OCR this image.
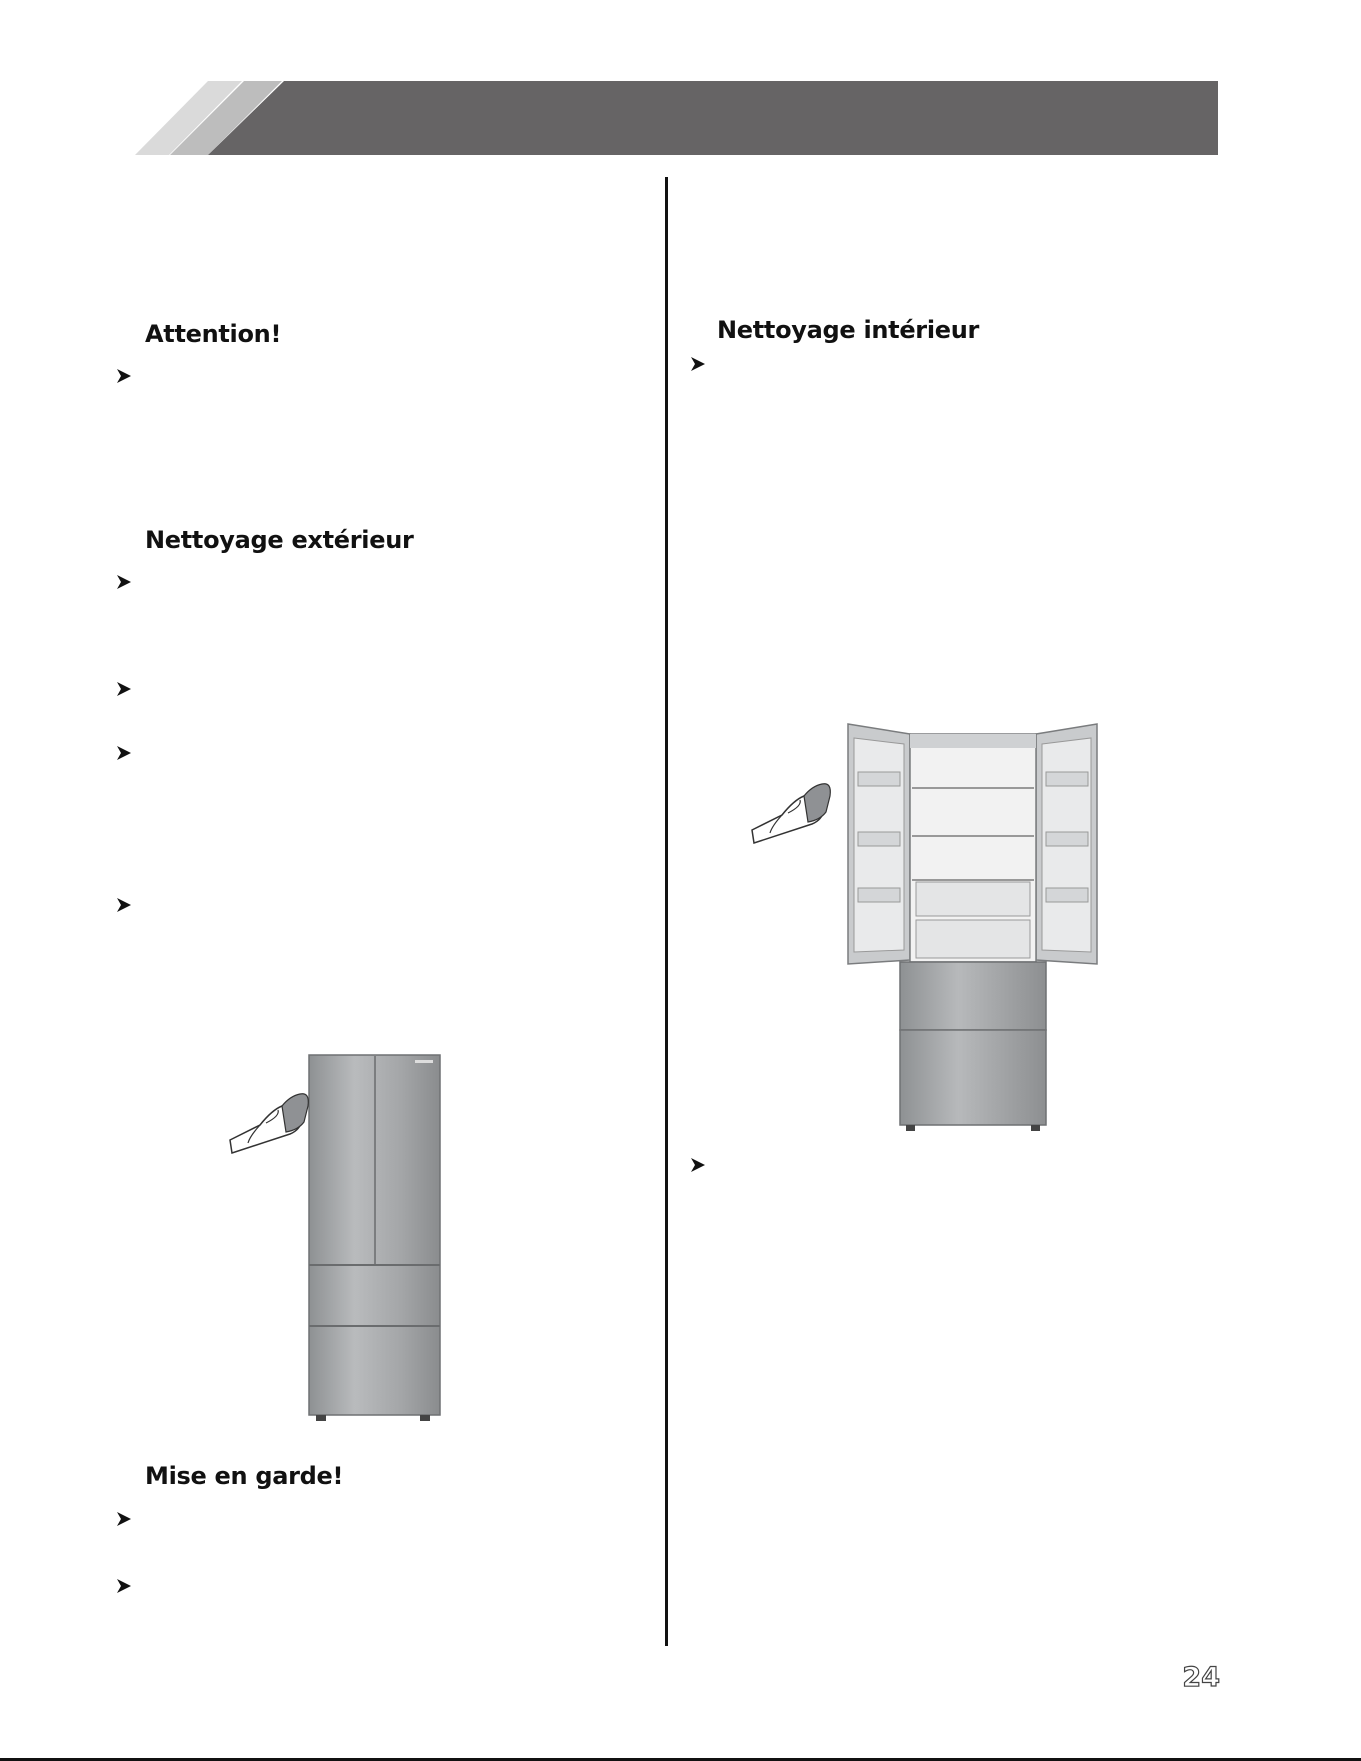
Attention!
Nettoyage extérieur
Mise en garde!
Nettoyage intérieur
24
